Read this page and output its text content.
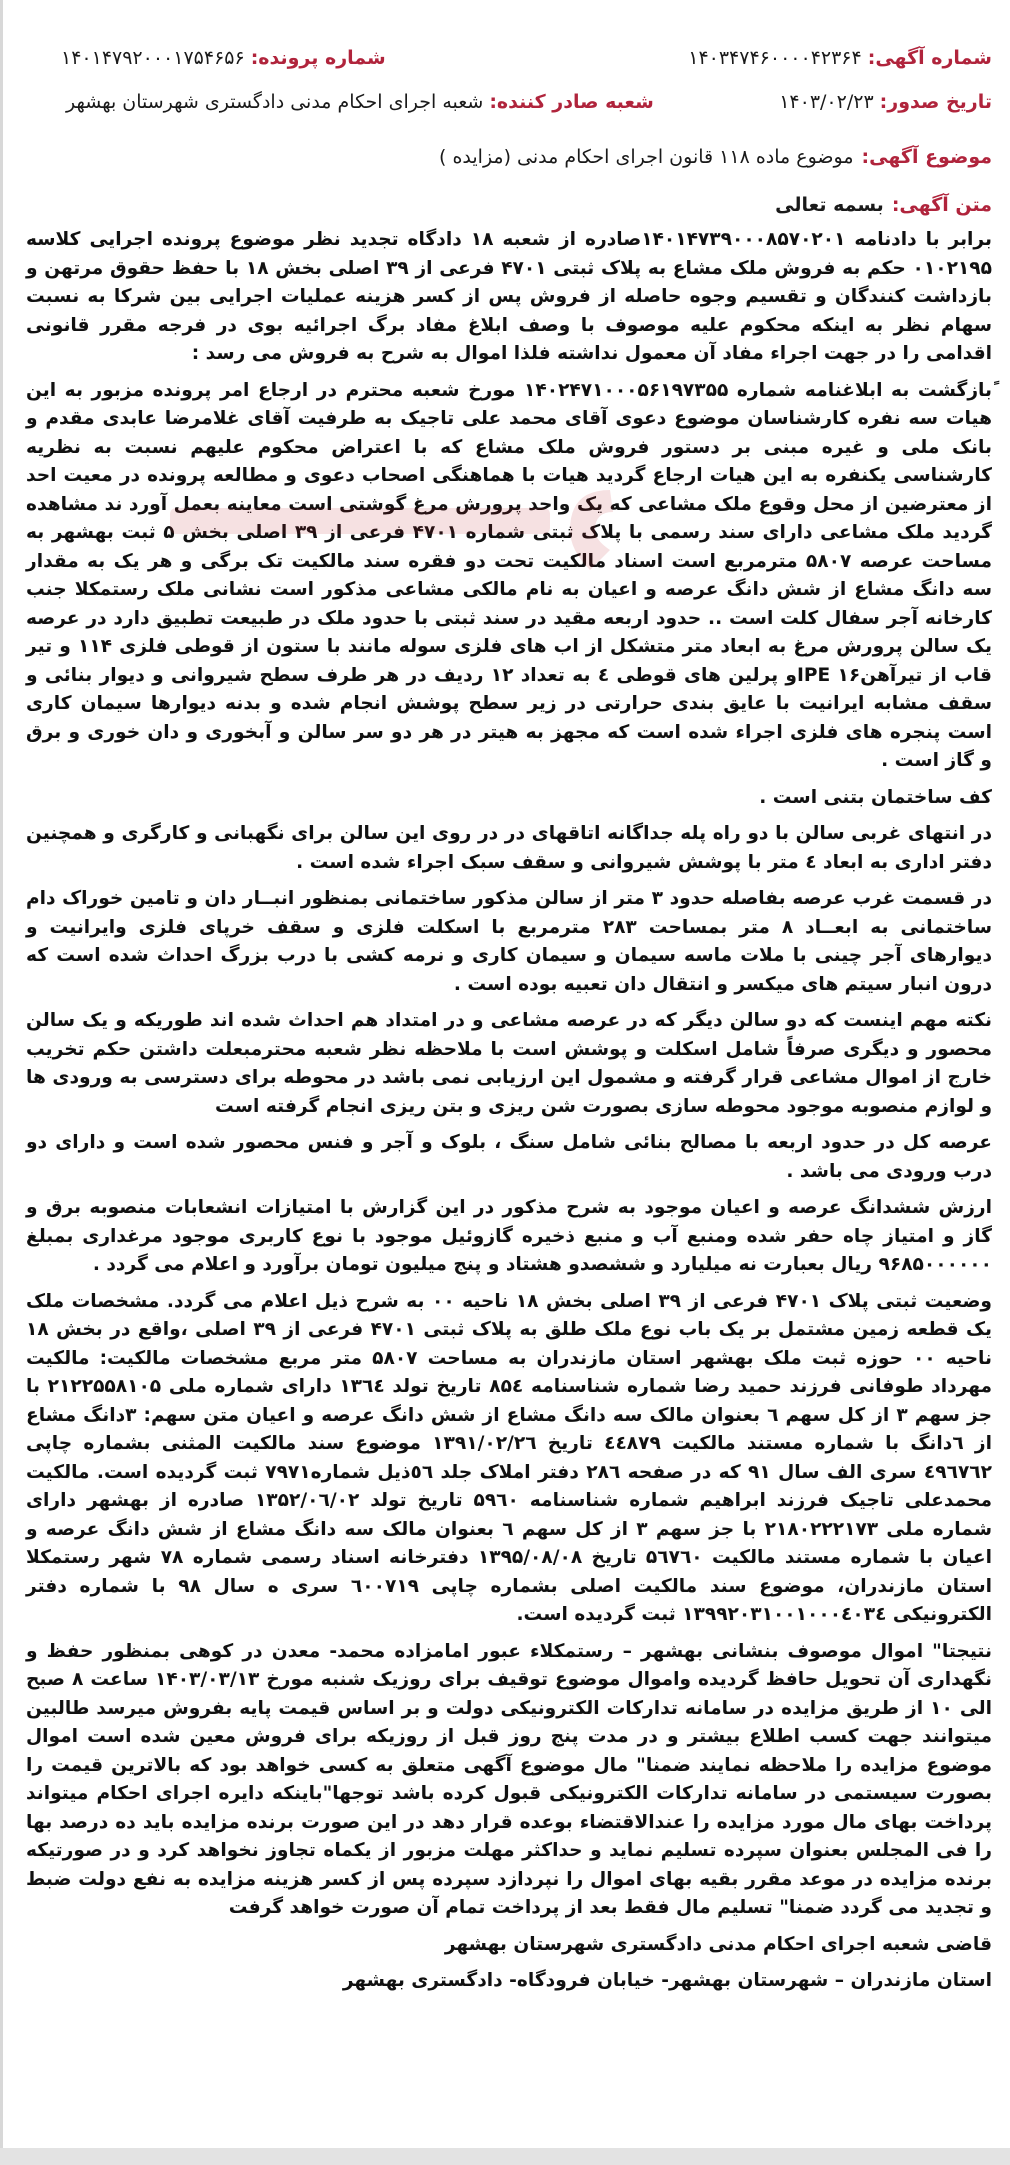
شماره آگهی:
۱۴۰۳۴۷۴۶۰۰۰۰۴۲۳۶۴
شماره پرونده:
۱۴۰۱۴۷۹۲۰۰۰۱۷۵۴۶۵۶
تاریخ صدور:
۱۴۰۳/۰۲/۲۳
شعبه صادر کننده:
شعبه اجرای احکام مدنی دادگستری شهرستان بهشهر
موضوع آگهی:
موضوع ماده ۱۱۸ قانون اجرای احکام مدنی (مزایده )
متن آگهی:
بسمه تعالی

برابر با دادنامه ۱۴۰۱۴۷۳۹۰۰۰۸۵۷۰۲۰۱صادره از شعبه ۱۸ دادگاه تجدید نظر موضوع پرونده اجرایی کلاسه ۰۱۰۲۱۹۵ حکم به فروش ملک مشاع به پلاک ثبتی ۴۷۰۱ فرعی از ۳۹ اصلی بخش ۱۸ با حفظ حقوق مرتهن و بازداشت کنندگان و تقسیم وجوه حاصله از فروش پس از کسر هزینه عملیات اجرایی بین شرکا به نسبت سهام نظر به اینکه محکوم علیه موصوف با وصف ابلاغ مفاد برگ اجرائیه بوی در فرجه مقرر قانونی اقدامی را در جهت اجراء مفاد آن معمول نداشته فلذا اموال به شرح به فروش می رسد :

ًبازگشت به ابلاغنامه شماره ۱۴۰۲۴۷۱۰۰۰۵۶۱۹۷۳۵۵ مورخ شعبه محترم در ارجاع امر پرونده مزبور به این هیات سه نفره کارشناسان موضوع دعوی آقای محمد علی تاجیک به طرفیت آقای غلامرضا عابدی مقدم و بانک ملی و غیره مبنی بر دستور فروش ملک مشاع که با اعتراض محکوم علیهم نسبت به نظریه کارشناسی یکنفره به این هیات ارجاع گردید هیات با هماهنگی اصحاب دعوی و مطالعه پرونده در معیت احد از معترضین از محل وقوع ملک مشاعی که یک واحد پرورش مرغ گوشتی است معاینه بعمل آورد ند مشاهده گردید ملک مشاعی دارای سند رسمی با پلاک ثبتی شماره ۴۷۰۱ فرعی از ۳۹ اصلی بخش ۵ ثبت بهشهر به مساحت عرصه ۵۸۰۷ مترمربع است اسناد مالکیت تحت دو فقره سند مالکیت تک برگی و هر یک به مقدار سه دانگ مشاع از شش دانگ عرصه و اعیان به نام مالکی مشاعی مذکور است نشانی ملک رستمکلا جنب کارخانه آجر سفال کلت است .. حدود اربعه مقید در سند ثبتی با حدود ملک در طبیعت تطبیق دارد در عرصه یک سالن پرورش مرغ به ابعاد متر متشکل از اب های فلزی سوله مانند با ستون از قوطی فلزی ۱۱۴ و تیر قاب از تیرآهن۱۶ IPEو پرلین های قوطی ٤ به تعداد ۱۲ ردیف در هر طرف سطح شیروانی و دیوار بنائی و سقف مشابه ایرانیت با عایق بندی حرارتی در زیر سطح پوشش انجام شده و بدنه دیوارها سیمان کاری است پنجره های فلزی اجراء شده است که مجهز به هیتر در هر دو سر سالن و آبخوری و دان خوری و برق و گاز است .

کف ساختمان بتنی است .

در انتهای غربی سالن با دو راه پله جداگانه اتاقهای در در روی این سالن برای نگهبانی و کارگری و همچنین دفتر اداری به ابعاد ٤ متر با پوشش شیروانی و سقف سبک اجراء شده است .

در قسمت غرب عرصه بفاصله حدود ۳ متر از سالن مذکور ساختمانی بمنظور انبــار دان و تامین خوراک دام ساختمانی به ابعــاد ۸ متر بمساحت ۲۸۳ مترمربع با اسکلت فلزی و سقف خرپای فلزی وایرانیت و دیوارهای آجر چینی با ملات ماسه سیمان و سیمان کاری و نرمه کشی با درب بزرگ احداث شده است که درون انبار سیتم های میکسر و انتقال دان تعبیه بوده است .

نکته مهم اینست که دو سالن دیگر که در عرصه مشاعی و در امتداد هم احداث شده اند طوریکه و یک سالن محصور و دیگری صرفاً شامل اسکلت و پوشش است با ملاحظه نظر شعبه محترمبعلت داشتن حکم تخریب خارج از اموال مشاعی قرار گرفته و مشمول این ارزیابی نمی باشد در محوطه برای دسترسی به ورودی ها و لوازم منصوبه موجود محوطه سازی بصورت شن ریزی و بتن ریزی انجام گرفته است

عرصه کل در حدود اربعه با مصالح بنائی شامل سنگ ، بلوک و آجر و فنس محصور شده است و دارای دو درب ورودی می باشد .

ارزش ششدانگ عرصه و اعیان موجود به شرح مذکور در این گزارش با امتیازات انشعابات منصوبه برق و گاز و امتیاز چاه حفر شده ومنبع آب و منبع ذخیره گازوئیل موجود با نوع کاربری موجود مرغداری بمبلغ ۹۶۸۵۰۰۰۰۰۰ ریال بعبارت نه میلیارد و ششصدو هشتاد و پنج میلیون تومان برآورد و اعلام می گردد .

وضعیت ثبتی پلاک ۴۷۰۱ فرعی از ۳۹ اصلی بخش ۱۸ ناحیه ۰۰ به شرح ذیل اعلام می گردد. مشخصات ملک یک قطعه زمین مشتمل بر یک باب نوع ملک طلق به پلاک ثبتی ۴۷۰۱ فرعی از ۳۹ اصلی ،واقع در بخش ۱۸ ناحیه ۰۰ حوزه ثبت ملک بهشهر استان مازندران به مساحت ۵۸۰۷ متر مربع مشخصات مالکیت: مالکیت مهرداد طوفانی فرزند حمید رضا شماره شناسنامه ۸۵٤ تاریخ تولد ۱۳٦٤ دارای شماره ملی ۲۱۲۲۵۵۸۱۰۵ با جز سهم ۳ از کل سهم ٦ بعنوان مالک سه دانگ مشاع از شش دانگ عرصه و اعیان متن سهم: ۳دانگ مشاع از ٦دانگ با شماره مستند مالکیت ٤٤٨٧٩ تاریخ ۱۳۹۱/۰۲/۲٦ موضوع سند مالکیت المثنی بشماره چاپی ٤۹٦۷٦۲ سری الف سال ۹۱ که در صفحه ۲۸٦ دفتر املاک جلد ٥٦ذیل شماره۷۹۷۱ ثبت گردیده است. مالکیت محمدعلی تاجیک فرزند ابراهیم شماره شناسنامه ۵۹٦۰ تاریخ تولد ۱۳۵۲/۰٦/۰۲ صادره از بهشهر دارای شماره ملی ۲۱۸۰۲۲۲۱۷۳ با جز سهم ۳ از کل سهم ٦ بعنوان مالک سه دانگ مشاع از شش دانگ عرصه و اعیان با شماره مستند مالکیت ۵٦۷٦۰ تاریخ ۱۳۹۵/۰۸/۰۸ دفترخانه اسناد رسمی شماره ۷۸ شهر رستمکلا استان مازندران، موضوع سند مالکیت اصلی بشماره چاپی ٦۰۰۷۱۹ سری ه سال ۹۸ با شماره دفتر الکترونیکی ۱۳۹۹۲۰۳۱۰۰۱۰۰۰٤۰۳٤ ثبت گردیده است.

نتیجتا" اموال موصوف بنشانی بهشهر – رستمکلاء عبور امامزاده محمد- معدن در کوهی بمنظور حفظ و نگهداری آن تحویل حافظ گردیده واموال موضوع توقیف برای روزیک شنبه مورخ ۱۴۰۳/۰۳/۱۳ ساعت ۸ صبح الی ۱۰ از طریق مزایده در سامانه تدارکات الکترونیکی دولت و بر اساس قیمت پایه بفروش میرسد طالبین میتوانند جهت کسب اطلاع بیشتر و در مدت پنج روز قبل از روزیکه برای فروش معین شده است اموال موضوع مزایده را ملاحظه نمایند ضمنا" مال موضوع آگهی متعلق به کسی خواهد بود که بالاترین قیمت را بصورت سیستمی در سامانه تدارکات الکترونیکی قبول کرده باشد توجها"باینکه دایره اجرای احکام میتواند پرداخت بهای مال مورد مزایده را عندالاقتضاء بوعده قرار دهد در این صورت برنده مزایده باید ده درصد بها را فی المجلس بعنوان سپرده تسلیم نماید و حداکثر مهلت مزبور از یکماه تجاوز نخواهد کرد و در صورتیکه برنده مزایده در موعد مقرر بقیه بهای اموال را نپردازد سپرده پس از کسر هزینه مزایده به نفع دولت ضبط و تجدید می گردد ضمنا" تسلیم مال فقط بعد از پرداخت تمام آن صورت خواهد گرفت

قاضی شعبه اجرای احکام مدنی دادگستری شهرستان بهشهر

استان مازندران – شهرستان بهشهر- خیابان فرودگاه- دادگستری بهشهر
